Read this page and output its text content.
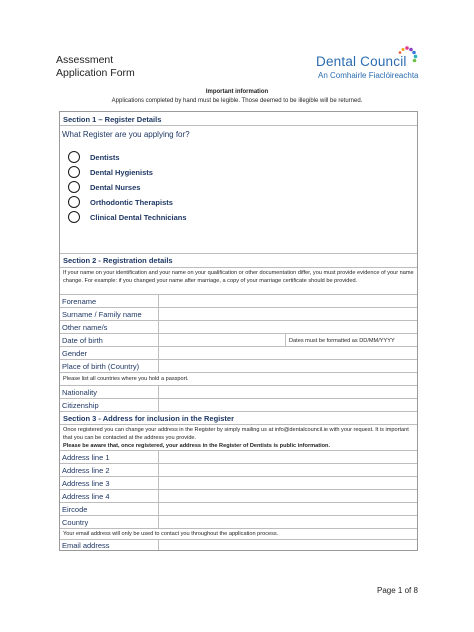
Assessment
Application Form
Dental Council
An Comhairle Fiaclóireachta
Important information
Applications completed by hand must be legible. Those deemed to be illegible will be returned.
Section 1 – Register Details
What Register are you applying for?
Dentists
Dental Hygienists
Dental Nurses
Orthodontic Therapists
Clinical Dental Technicians
Section 2 - Registration details
If your name on your identification and your name on your qualification or other documentation differ, you must provide evidence of your name change. For example: if you changed your name after marriage, a copy of your marriage certificate should be provided.
Forename
Surname / Family name
Other name/s
Date of birth	Dates must be formatted as DD/MM/YYYY
Gender
Place of birth (Country)
Please list all countries where you hold a passport.
Nationality
Citizenship
Section 3 - Address for inclusion in the Register
Once registered you can change your address in the Register by simply mailing us at info@dentalcouncil.ie with your request. It is important that you can be contacted at the address you provide.
Please be aware that, once registered, your address in the Register of Dentists is public information.
Address line 1
Address line 2
Address line 3
Address line 4
Eircode
Country
Your email address will only be used to contact you throughout the application process.
Email address
Page 1 of 8
